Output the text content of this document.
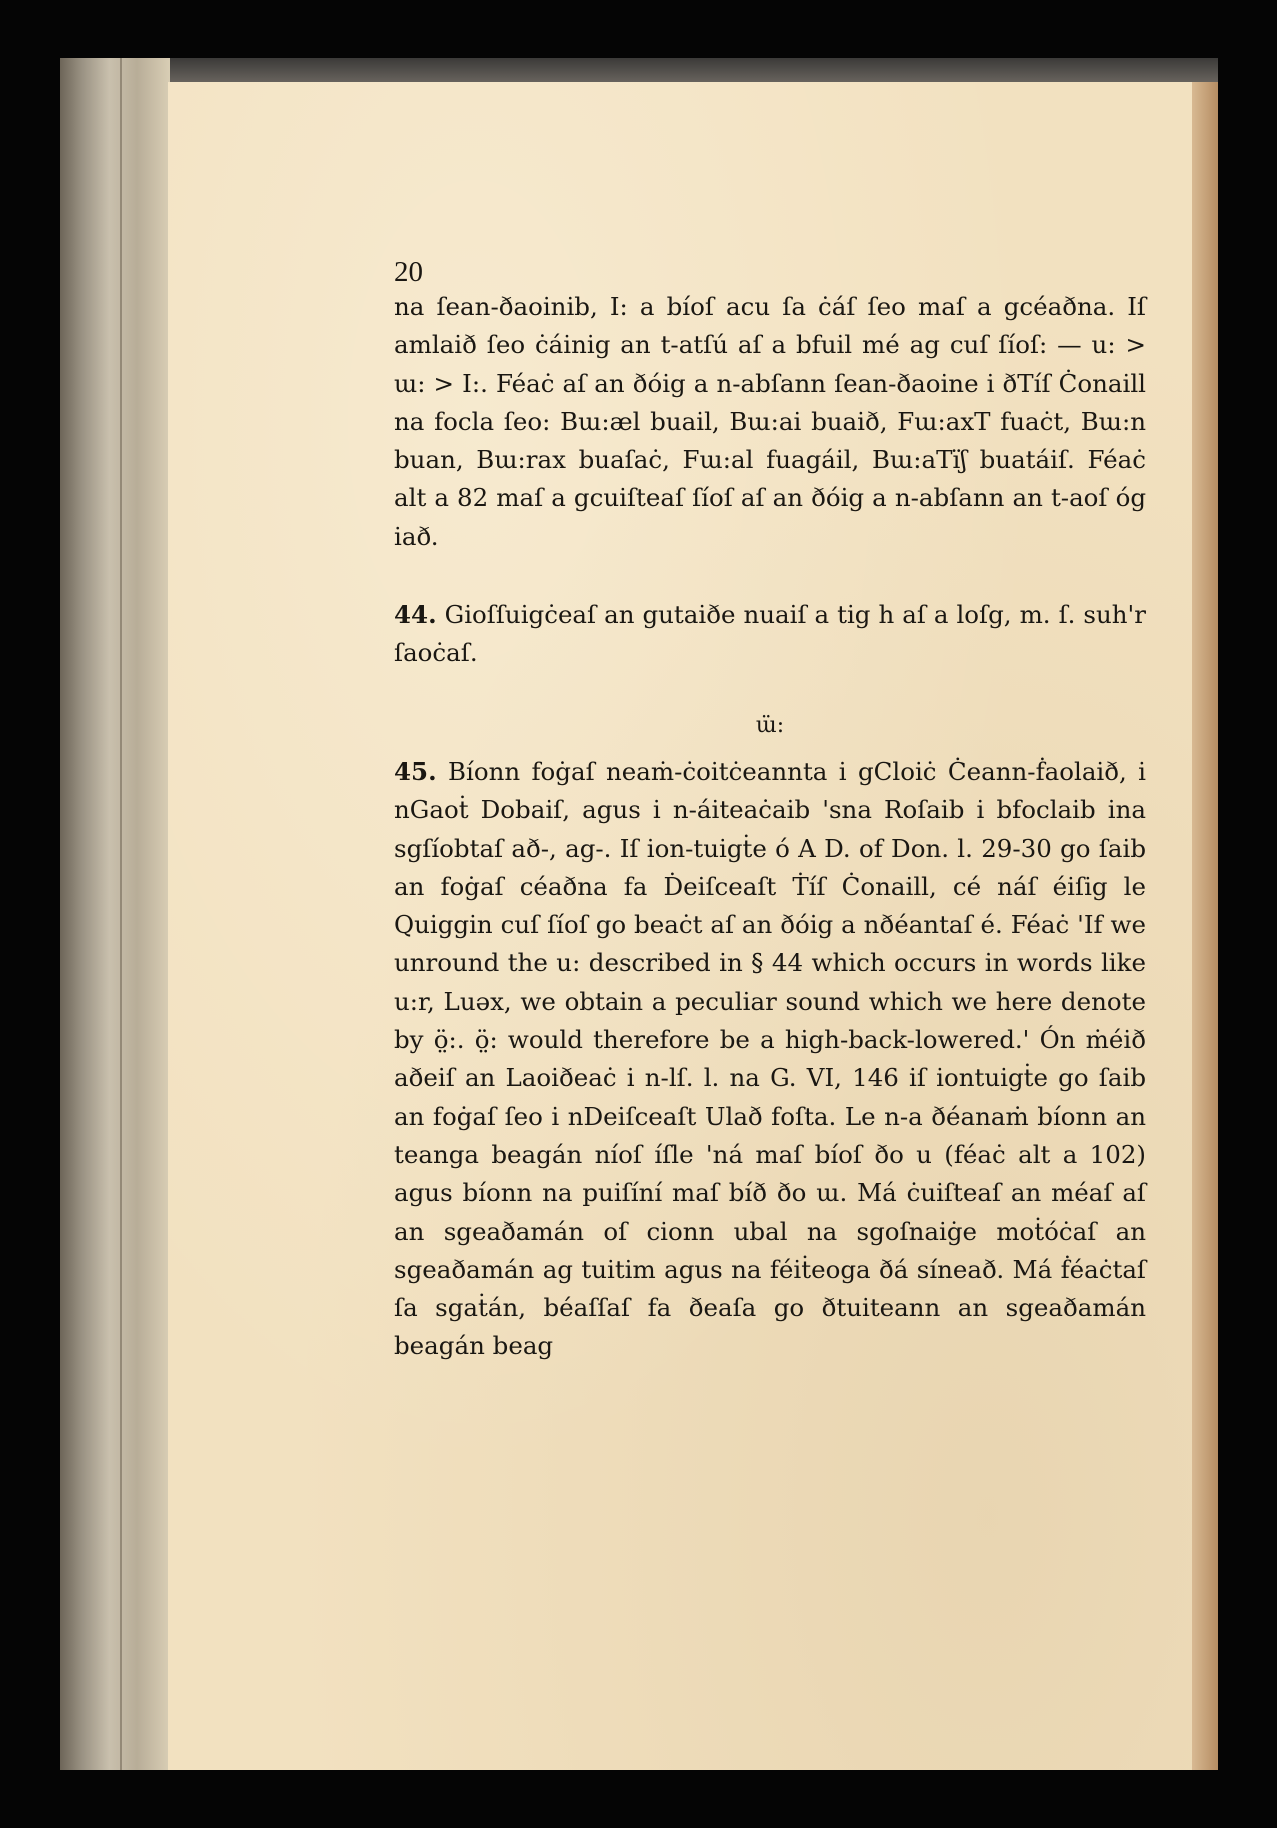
20

na ſean-ðaoinib, I: a bíoſ acu ſa ċáſ ſeo maſ a gcéaðna. Iſ amlaið ſeo ċáinig an t-atſú aſ a bfuil mé ag cuſ ſíoſ: — u: > ɯ: > I:. Féaċ aſ an ðóig a n-abſann ſean-ðaoine i ðTíſ Ċonaill na focla ſeo: Bɯ:æl buail, Bɯ:ai buaið, Fɯ:axT fuaċt, Bɯ:n buan, Bɯ:rax buaſaċ, Fɯ:al fuagáil, Bɯ:aTïʃ buatáiſ. Féaċ alt a 82 maſ a gcuiſteaſ ſíoſ aſ an ðóig a n-abſann an t-aoſ óg iað.

44. Gioſſuigċeaſ an gutaiðe nuaiſ a tig h aſ a loſg, m. ſ. suh'r ſaoċaſ.

ɯ̈:

45. Bíonn foġaſ neaṁ-ċoitċeannta i gCloiċ Ċeann-ḟaolaið, i nGaoṫ Dobaiſ, agus i n-áiteaċaib 'sna Roſaib i bfoclaib ina sgſíobtaſ að-, ag-. Iſ ion-tuigṫe ó A D. of Don. l. 29-30 go ſaib an foġaſ céaðna fa Ḋeiſceaſt Ṫíſ Ċonaill, cé náſ éiſig le Quiggin cuſ ſíoſ go beaċt aſ an ðóig a nðéantaſ é. Féaċ 'If we unround the u: described in § 44 which occurs in words like u:r, Luəx, we obtain a peculiar sound which we here denote by ö̤:. ö̤: would therefore be a high-back-lowered.' Ón ṁéið aðeiſ an Laoiðeaċ i n-lſ. l. na G. VI, 146 iſ iontuigṫe go ſaib an foġaſ ſeo i nDeiſceaſt Ulað foſta. Le n-a ðéanaṁ bíonn an teanga beagán níoſ íſle 'ná maſ bíoſ ðo u (féaċ alt a 102) agus bíonn na puiſíní maſ bíð ðo ɯ. Má ċuiſteaſ an méaſ aſ an sgeaðamán oſ cionn ubal na sgoſnaiġe moṫóċaſ an sgeaðamán ag tuitim agus na féiṫeoga ðá síneað. Má ḟéaċtaſ ſa sgaṫán, béaſſaſ fa ðeaſa go ðtuiteann an sgeaðamán beagán beag
